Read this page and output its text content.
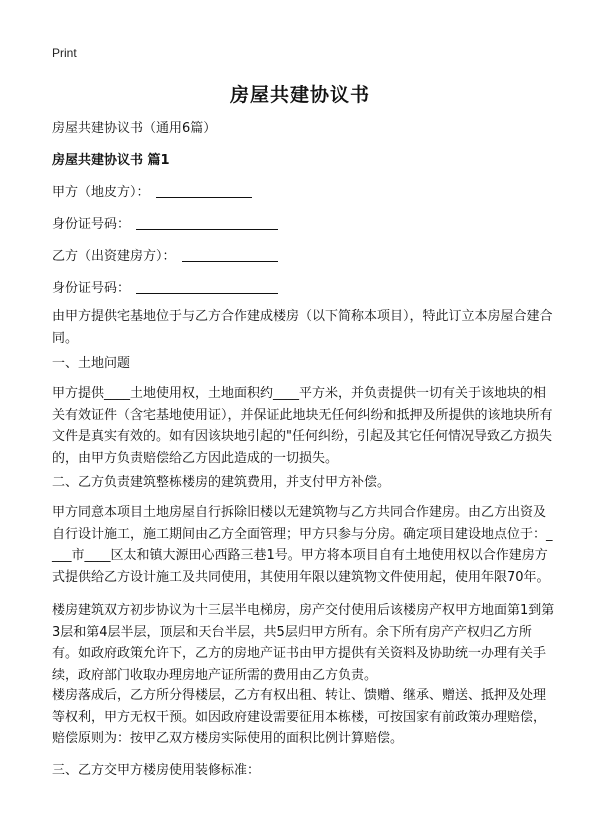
Print
房屋共建协议书
房屋共建协议书（通用6篇）
房屋共建协议书 篇1
甲方（地皮方）：
身份证号码：
乙方（出资建房方）：
身份证号码：
由甲方提供宅基地位于与乙方合作建成楼房（以下简称本项目），特此订立本房屋合建合同。
一、土地问题
甲方提供____土地使用权，土地面积约____平方米，并负责提供一切有关于该地块的相关有效证件（含宅基地使用证），并保证此地块无任何纠纷和抵押及所提供的该地块所有文件是真实有效的。如有因该块地引起的"任何纠纷，引起及其它任何情况导致乙方损失的，由甲方负责赔偿给乙方因此造成的一切损失。
二、乙方负责建筑整栋楼房的建筑费用，并支付甲方补偿。
甲方同意本项目土地房屋自行拆除旧楼以无建筑物与乙方共同合作建房。由乙方出资及自行设计施工，施工期间由乙方全面管理；甲方只参与分房。确定项目建设地点位于：____市____区太和镇大源田心西路三巷1号。甲方将本项目自有土地使用权以合作建房方式提供给乙方设计施工及共同使用，其使用年限以建筑物文件使用起，使用年限70年。
楼房建筑双方初步协议为十三层半电梯房，房产交付使用后该楼房产权甲方地面第1到第3层和第4层半层，顶层和天台半层，共5层归甲方所有。余下所有房产产权归乙方所有。如政府政策允许下，乙方的房地产证书由甲方提供有关资料及协助统一办理有关手续，政府部门收取办理房地产证所需的费用由乙方负责。
楼房落成后，乙方所分得楼层，乙方有权出租、转让、馈赠、继承、赠送、抵押及处理等权利，甲方无权干预。如因政府建设需要征用本栋楼，可按国家有前政策办理赔偿，赔偿原则为：按甲乙双方楼房实际使用的面积比例计算赔偿。
三、乙方交甲方楼房使用装修标准：
